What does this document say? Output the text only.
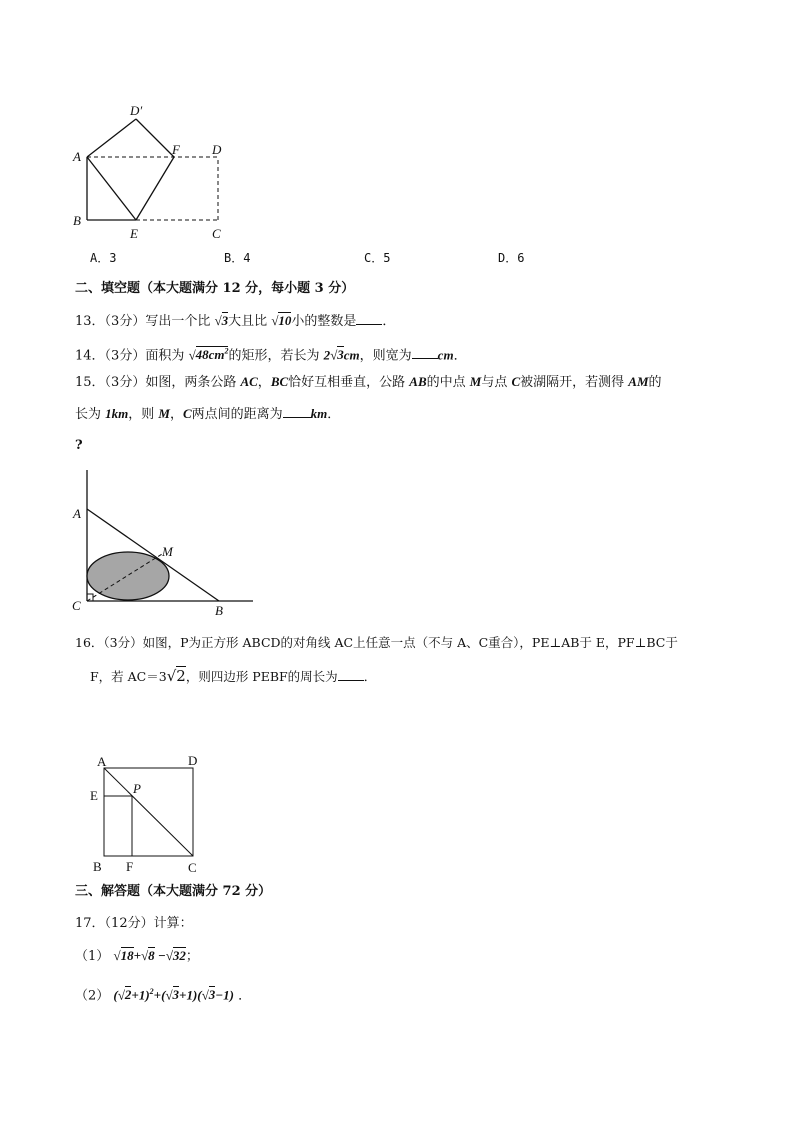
A
B
E	C
D
F
D′
A．3	B．4	C．5	D．6
二、填空题（本大题满分 12 分，每小题 3 分）
13．（3分）写出一个比 √3大且比 √10小的整数是 ．
14．（3分）面积为 $√48cm^2$的矩形，若长为 2√3cm，则宽为 cm．
15．（3分）如图，两条公路 AC，BC恰好互相垂直，公路 AB的中点 M与点 C被湖隔开，若测得 AM的
长为 1km，则 M，C两点间的距离为 km．
?
A
M
C	B
16．（3分）如图，P为正方形 ABCD的对角线 AC上任意一点（不与 A、C重合），PE⊥AB于 E，PF⊥BC于
F，若 AC＝3√2，则四边形 PEBF的周长为 ．
A	D
E	P
B F	C
三、解答题（本大题满分 72 分）
17．（12分）计算：
（1） √18+√8 −√32；
（2） $(√2+1)^2+(√3+1)(√3-1)$ ．
